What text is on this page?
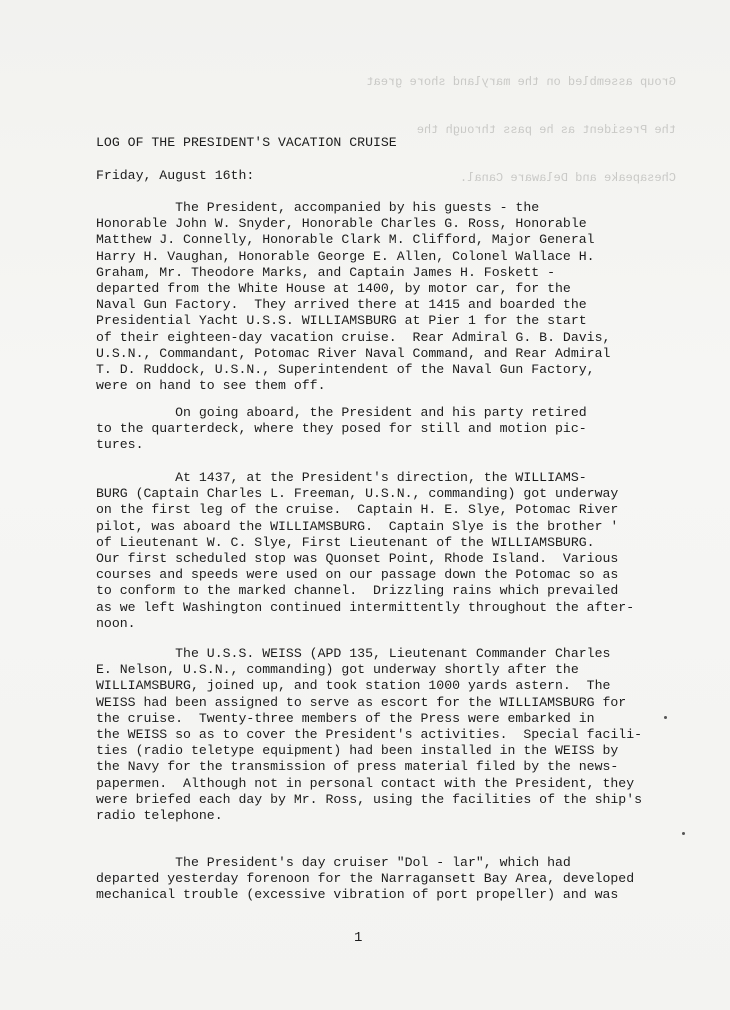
Group assembled on the maryland shore great

the President as he pass through the

Chesapeake and Delaware Canal.

LOG OF THE PRESIDENT'S VACATION CRUISE

Friday, August 16th:

The President, accompanied by his guests - the
Honorable John W. Snyder, Honorable Charles G. Ross, Honorable
Matthew J. Connelly, Honorable Clark M. Clifford, Major General
Harry H. Vaughan, Honorable George E. Allen, Colonel Wallace H.
Graham, Mr. Theodore Marks, and Captain James H. Foskett -
departed from the White House at 1400, by motor car, for the
Naval Gun Factory.  They arrived there at 1415 and boarded the
Presidential Yacht U.S.S. WILLIAMSBURG at Pier 1 for the start
of their eighteen-day vacation cruise.  Rear Admiral G. B. Davis,
U.S.N., Commandant, Potomac River Naval Command, and Rear Admiral
T. D. Ruddock, U.S.N., Superintendent of the Naval Gun Factory,
were on hand to see them off.
On going aboard, the President and his party retired
to the quarterdeck, where they posed for still and motion pic-
tures.
At 1437, at the President's direction, the WILLIAMS-
BURG (Captain Charles L. Freeman, U.S.N., commanding) got underway
on the first leg of the cruise.  Captain H. E. Slye, Potomac River
pilot, was aboard the WILLIAMSBURG.  Captain Slye is the brother '
of Lieutenant W. C. Slye, First Lieutenant of the WILLIAMSBURG.
Our first scheduled stop was Quonset Point, Rhode Island.  Various
courses and speeds were used on our passage down the Potomac so as
to conform to the marked channel.  Drizzling rains which prevailed
as we left Washington continued intermittently throughout the after-
noon.
The U.S.S. WEISS (APD 135, Lieutenant Commander Charles
E. Nelson, U.S.N., commanding) got underway shortly after the
WILLIAMSBURG, joined up, and took station 1000 yards astern.  The
WEISS had been assigned to serve as escort for the WILLIAMSBURG for
the cruise.  Twenty-three members of the Press were embarked in
the WEISS so as to cover the President's activities.  Special facili-
ties (radio teletype equipment) had been installed in the WEISS by
the Navy for the transmission of press material filed by the news-
papermen.  Although not in personal contact with the President, they
were briefed each day by Mr. Ross, using the facilities of the ship's
radio telephone.
The President's day cruiser "Dol - lar", which had
departed yesterday forenoon for the Narragansett Bay Area, developed
mechanical trouble (excessive vibration of port propeller) and was

1
